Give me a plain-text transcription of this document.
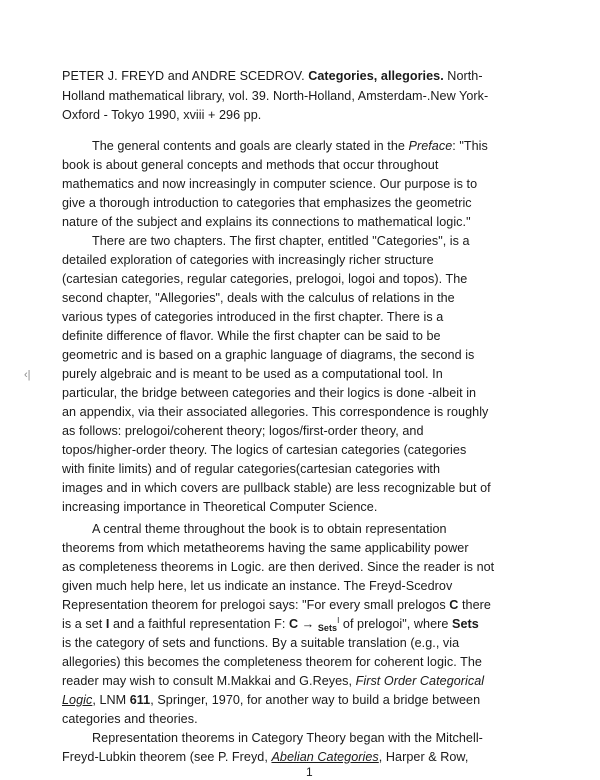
PETER J. FREYD and ANDRE SCEDROV. Categories, allegories. North-
Holland mathematical library, vol. 39. North-Holland, Amsterdam-.New York-
Oxford - Tokyo 1990, xviii + 296 pp.
The general contents and goals are clearly stated in the Preface: "This
book is about general concepts and methods that occur throughout
mathematics and now increasingly in computer science. Our purpose is to
give a thorough introduction to categories that emphasizes the geometric
nature of the subject and explains its connections to mathematical logic."
There are two chapters. The first chapter, entitled "Categories", is a
detailed exploration of categories with increasingly richer structure
(cartesian categories, regular categories, prelogoi, logoi and topos). The
second chapter, "Allegories", deals with the calculus of relations in the
various types of categories introduced in the first chapter. There is a
definite difference of flavor. While the first chapter can be said to be
geometric and is based on a graphic language of diagrams, the second is
purely algebraic and is meant to be used as a computational tool. In
particular, the bridge between categories and their logics is done -albeit in
an appendix, via their associated allegories. This correspondence is roughly
as follows: prelogoi/coherent theory; logos/first-order theory, and
topos/higher-order theory. The logics of cartesian categories (categories
with finite limits) and of regular categories(cartesian categories with
images and in which covers are pullback stable) are less recognizable but of
increasing importance in Theoretical Computer Science.
A central theme throughout the book is to obtain representation
theorems from which metatheorems having the same applicability power
as completeness theorems in Logic. are then derived. Since the reader is not
given much help here, let us indicate an instance. The Freyd-Scedrov
Representation theorem for prelogoi says: "For every small prelogos C there
is a set I and a faithful representation F: C → $_{Sets}^I$ of prelogoi", where Sets
is the category of sets and functions. By a suitable translation (e.g., via
allegories) this becomes the completeness theorem for coherent logic. The
reader may wish to consult M.Makkai and G.Reyes, First Order Categorical
Logic, LNM 611, Springer, 1970, for another way to build a bridge between
categories and theories.
Representation theorems in Category Theory began with the Mitchell-
Freyd-Lubkin theorem (see P. Freyd, Abelian Categories, Harper & Row,
‹|
1
